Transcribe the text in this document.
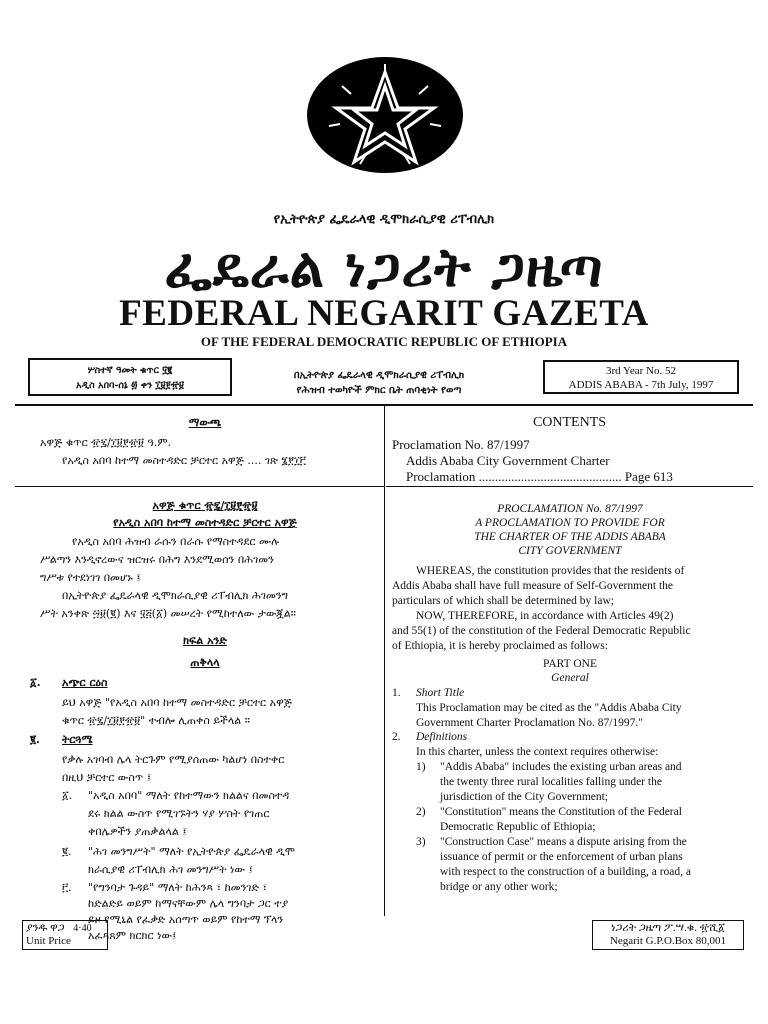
የኢትዮጵያ ፌዴራላዊ ዲሞክራሲያዊ ሪፐብሊክ
ፌዴራል ነጋሪት ጋዜጣ
FEDERAL NEGARIT GAZETA
OF THE FEDERAL DEMOCRATIC REPUBLIC OF ETHIOPIA
ሦስተኛ ዓመት ቁጥር ፶፪
አዲስ አበባ-ሰኔ ፴ ቀን ፲፱፻፹፱
በኢትዮጵያ ፌዴራላዊ ዲሞክራሲያዊ ሪፐብሊክ
የሕዝብ ተወካዮች ምክር ቤት ጠባቂነት የወጣ
3rd Year No. 52
ADDIS ABABA - 7th July, 1997
ማውጫ
አዋጅ ቁጥር ፹፯/፲፱፻፹፱ ዓ.ም.
የአዲስ አበባ ከተማ መስተዳድር ቻርተር አዋጅ .... ገጽ ፮፻፲፫
CONTENTS
Proclamation No. 87/1997
Addis Ababa City Government Charter
Proclamation ............................................ Page 613
አዋጅ ቁጥር ፹፯/፲፱፻፹፱
የአዲስ አበባ ከተማ መስተዳድር ቻርተር አዋጅ
የአዲስ አበባ ሕዝብ ራሱን በራሱ የማስተዳደር ሙሉ
ሥልጣን እንዲኖረውና ዝርዝሩ በሕግ እንደሚወሰን በሕገመን
ግሥቱ የተደነገገ በመሆኑ ፤
በኢትዮጵያ ፌዴራላዊ ዲሞክራሲያዊ ሪፐብሊክ ሕገመንግ
ሥት አንቀጽ ፵፱(፪) እና ፶፭(፩) መሠረት የሚከተለው ታውጇል።
ክፍል አንድ
ጠቅላላ
፩. አጭር ርዕስ
ይህ አዋጅ "የአዲስ አበባ ከተማ መስተዳድር ቻርተር አዋጅ
ቁጥር ፹፯/፲፱፻፹፱" ተብሎ ሊጠቀስ ይችላል ።
፪. ትርጓሜ
የቃሉ አገባብ ሌላ ትርጉም የሚያሰጠው ካልሆነ በስተቀር
በዚህ ቻርተር ውስጥ ፤
፩. "አዲስ አበባ" ማለት የከተማውን ክልልና በመስተዳ
ደሩ ክልል ውስጥ የሚገኙትን ሃያ ሦስት የገጠር
ቀበሌዎችን ያጠቃልላል ፤
፪. "ሕገ መንግሥት" ማለት የኢትዮጵያ ፌዴራላዊ ዲሞ
ክራሲያዊ ሪፐብሊክ ሕገ መንግሥት ነው ፤
፫. "የግንባታ ጉዳይ" ማለት ከሕንጻ ፣ ከመንገድ ፣
ከድልድይ ወይም ከማናቸውም ሌላ ግንባታ ጋር ተያ
ይዞ የሚኒል የፈቃድ አሰጣጥ ወይም የከተማ ፕላን
አፈጻጸም ክርክር ነው፤
PROCLAMATION No. 87/1997
A PROCLAMATION TO PROVIDE FOR
THE CHARTER OF THE ADDIS ABABA
CITY GOVERNMENT
WHEREAS, the constitution provides that the residents of
Addis Ababa shall have full measure of Self-Government the
particulars of which shall be determined by law;
NOW, THEREFORE, in accordance with Articles 49(2)
and 55(1) of the constitution of the Federal Democratic Republic
of Ethiopia, it is hereby proclaimed as follows:
PART ONE
General
1. Short Title
This Proclamation may be cited as the "Addis Ababa City
Government Charter Proclamation No. 87/1997."
2. Definitions
In this charter, unless the context requires otherwise:
1) "Addis Ababa" includes the existing urban areas and
the twenty three rural localities falling under the
jurisdiction of the City Government;
2) "Constitution" means the Constitution of the Federal
Democratic Republic of Ethiopia;
3) "Construction Case" means a dispute arising from the
issuance of permit or the enforcement of urban plans
with respect to the construction of a building, a road, a
bridge or any other work;
ያንዱ ዋጋ 4·40
Unit Price
ነጋሪት ጋዜጣ ፖ.ሣ.ቁ. ፹ሺ፩
Negarit G.P.O.Box 80,001
